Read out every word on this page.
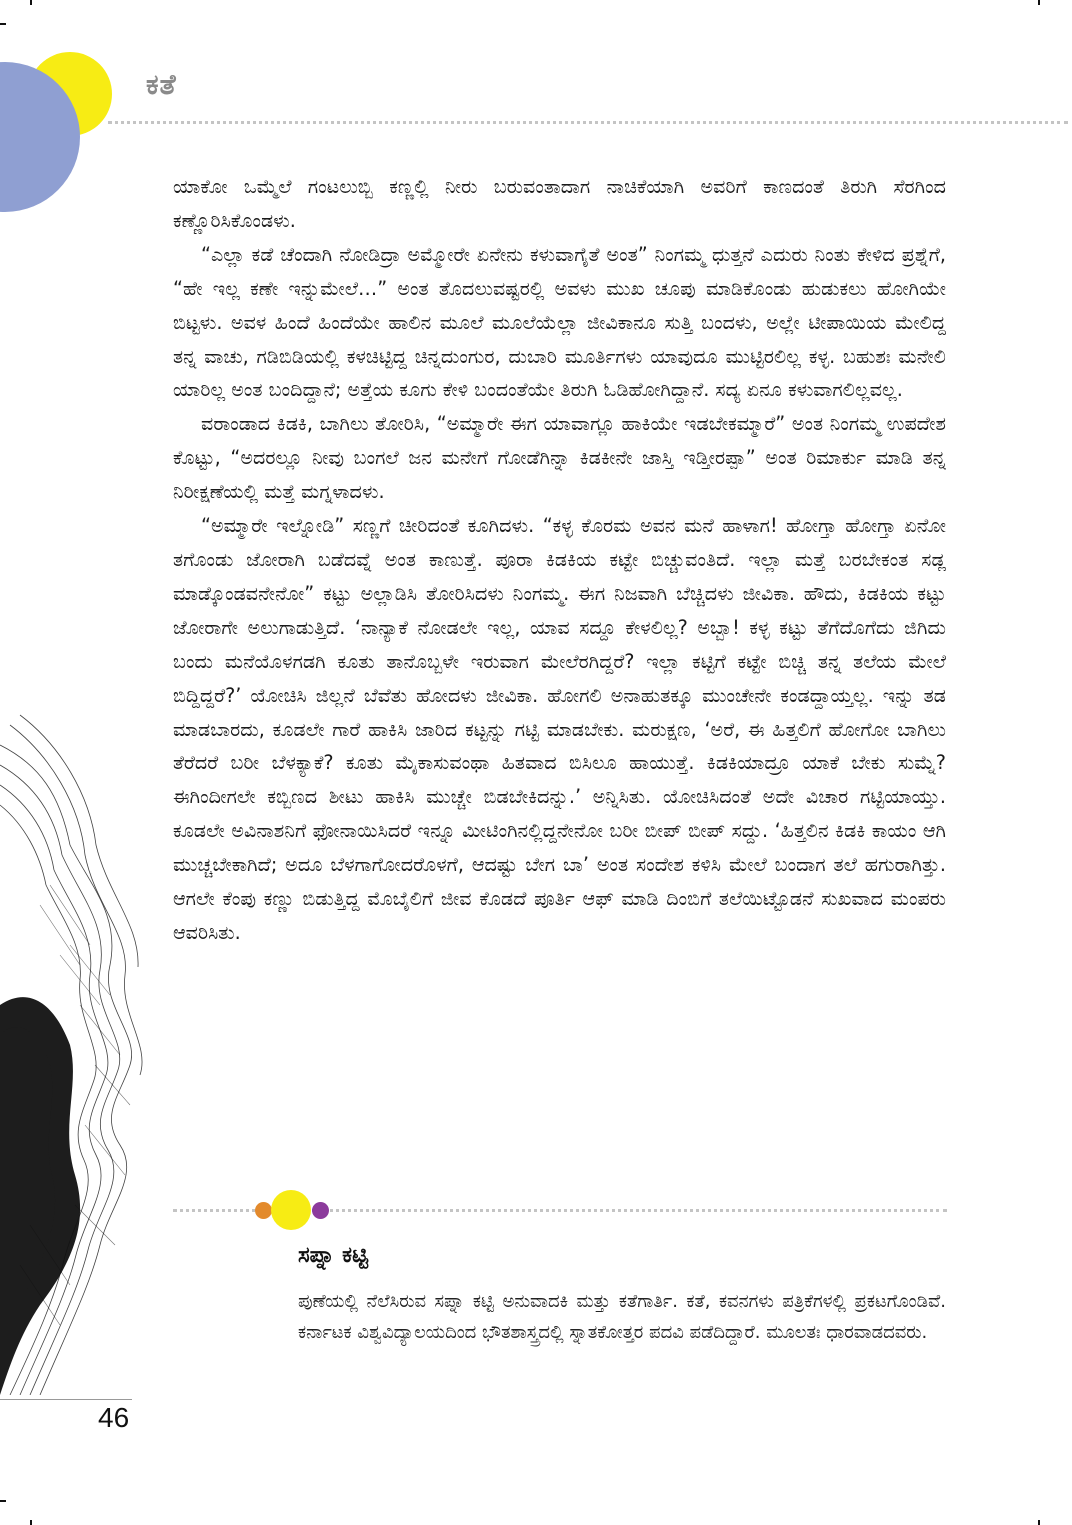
ಕತೆ

ಯಾಕೋ ಒಮ್ಮೆಲೆ ಗಂಟಲುಬ್ಬಿ ಕಣ್ಣಲ್ಲಿ ನೀರು ಬರುವಂತಾದಾಗ ನಾಚಿಕೆಯಾಗಿ ಅವರಿಗೆ ಕಾಣದಂತೆ ತಿರುಗಿ ಸೆರಗಿಂದ ಕಣ್ಣೊರಿಸಿಕೊಂಡಳು.

“ಎಲ್ಲಾ ಕಡೆ ಚೆಂದಾಗಿ ನೋಡಿದ್ರಾ ಅಮ್ಮೋರೇ ಏನೇನು ಕಳುವಾಗೈತೆ ಅಂತ” ನಿಂಗಮ್ಮ ಧುತ್ತನೆ ಎದುರು ನಿಂತು ಕೇಳಿದ ಪ್ರಶ್ನೆಗೆ, “ಹೇ ಇಲ್ಲ ಕಣೇ ಇನ್ನುಮೇಲೆ…” ಅಂತ ತೊದಲುವಷ್ಟರಲ್ಲಿ ಅವಳು ಮುಖ ಚೂಪು ಮಾಡಿಕೊಂಡು ಹುಡುಕಲು ಹೋಗಿಯೇ ಬಿಟ್ಟಳು. ಅವಳ ಹಿಂದೆ ಹಿಂದೆಯೇ ಹಾಲಿನ ಮೂಲೆ ಮೂಲೆಯೆಲ್ಲಾ ಜೀವಿಕಾನೂ ಸುತ್ತಿ ಬಂದಳು, ಅಲ್ಲೇ ಟೀಪಾಯಿಯ ಮೇಲಿದ್ದ ತನ್ನ ವಾಚು, ಗಡಿಬಿಡಿಯಲ್ಲಿ ಕಳಚಿಟ್ಟಿದ್ದ ಚಿನ್ನದುಂಗುರ, ದುಬಾರಿ ಮೂರ್ತಿಗಳು ಯಾವುದೂ ಮುಟ್ಟಿರಲಿಲ್ಲ ಕಳ್ಳ. ಬಹುಶಃ ಮನೇಲಿ ಯಾರಿಲ್ಲ ಅಂತ ಬಂದಿದ್ದಾನೆ; ಅತ್ತೆಯ ಕೂಗು ಕೇಳಿ ಬಂದಂತೆಯೇ ತಿರುಗಿ ಓಡಿಹೋಗಿದ್ದಾನೆ. ಸದ್ಯ ಏನೂ ಕಳುವಾಗಲಿಲ್ಲವಲ್ಲ.

ವರಾಂಡಾದ ಕಿಡಕಿ, ಬಾಗಿಲು ತೋರಿಸಿ, “ಅಮ್ಮಾರೇ ಈಗ ಯಾವಾಗ್ಲೂ ಹಾಕಿಯೇ ಇಡಬೇಕಮ್ಮಾರೆ” ಅಂತ ನಿಂಗಮ್ಮ ಉಪದೇಶ ಕೊಟ್ಟು, “ಅದರಲ್ಲೂ ನೀವು ಬಂಗಲೆ ಜನ ಮನೇಗೆ ಗೋಡೆಗಿನ್ನಾ ಕಿಡಕೀನೇ ಜಾಸ್ತಿ ಇಡ್ತೀರಪ್ಪಾ” ಅಂತ ರಿಮಾರ್ಕು ಮಾಡಿ ತನ್ನ ನಿರೀಕ್ಷಣೆಯಲ್ಲಿ ಮತ್ತೆ ಮಗ್ನಳಾದಳು.

“ಅಮ್ಮಾರೇ ಇಲ್ನೋಡಿ” ಸಣ್ಣಗೆ ಚೀರಿದಂತೆ ಕೂಗಿದಳು. “ಕಳ್ಳ ಕೊರಮ ಅವನ ಮನೆ ಹಾಳಾಗ! ಹೋಗ್ತಾ ಹೋಗ್ತಾ ಏನೋ ತಗೊಂಡು ಜೋರಾಗಿ ಬಡೆದವ್ನೆ ಅಂತ ಕಾಣುತ್ತೆ. ಪೂರಾ ಕಿಡಕಿಯ ಕಟ್ಟೇ ಬಿಚ್ಚುವಂತಿದೆ. ಇಲ್ಲಾ ಮತ್ತೆ ಬರಬೇಕಂತ ಸಡ್ಲ ಮಾಡ್ಕೊಂಡವನೇನೋ” ಕಟ್ಟು ಅಲ್ಲಾಡಿಸಿ ತೋರಿಸಿದಳು ನಿಂಗಮ್ಮ. ಈಗ ನಿಜವಾಗಿ ಬೆಚ್ಚಿದಳು ಜೀವಿಕಾ. ಹೌದು, ಕಿಡಕಿಯ ಕಟ್ಟು ಜೋರಾಗೇ ಅಲುಗಾಡುತ್ತಿದೆ. ‘ನಾನ್ಯಾಕೆ ನೋಡಲೇ ಇಲ್ಲ, ಯಾವ ಸದ್ದೂ ಕೇಳಲಿಲ್ಲ? ಅಬ್ಬಾ! ಕಳ್ಳ ಕಟ್ಟು ತೆಗೆದೊಗೆದು ಜಿಗಿದು ಬಂದು ಮನೆಯೊಳಗಡಗಿ ಕೂತು ತಾನೊಬ್ಬಳೇ ಇರುವಾಗ ಮೇಲೆರಗಿದ್ದರೆ? ಇಲ್ಲಾ ಕಟ್ಟಿಗೆ ಕಟ್ಟೇ ಬಿಚ್ಚಿ ತನ್ನ ತಲೆಯ ಮೇಲೆ ಬಿದ್ದಿದ್ದರೆ?’ ಯೋಚಿಸಿ ಜಿಲ್ಲನೆ ಬೆವೆತು ಹೋದಳು ಜೀವಿಕಾ. ಹೋಗಲಿ ಅನಾಹುತಕ್ಕೂ ಮುಂಚೇನೇ ಕಂಡದ್ದಾಯ್ತಲ್ಲ. ಇನ್ನು ತಡ ಮಾಡಬಾರದು, ಕೂಡಲೇ ಗಾರೆ ಹಾಕಿಸಿ ಜಾರಿದ ಕಟ್ಟನ್ನು ಗಟ್ಟಿ ಮಾಡಬೇಕು. ಮರುಕ್ಷಣ, ‘ಅರೆ, ಈ ಹಿತ್ತಲಿಗೆ ಹೋಗೋ ಬಾಗಿಲು ತೆರೆದರೆ ಬರೀ ಬೆಳಕ್ಯಾಕೆ? ಕೂತು ಮೈಕಾಸುವಂಥಾ ಹಿತವಾದ ಬಿಸಿಲೂ ಹಾಯುತ್ತೆ. ಕಿಡಕಿಯಾದ್ರೂ ಯಾಕೆ ಬೇಕು ಸುಮ್ನೆ? ಈಗಿಂದೀಗಲೇ ಕಬ್ಬಿಣದ ಶೀಟು ಹಾಕಿಸಿ ಮುಚ್ಚೇ ಬಿಡಬೇಕಿದನ್ನು.’ ಅನ್ನಿಸಿತು. ಯೋಚಿಸಿದಂತೆ ಅದೇ ವಿಚಾರ ಗಟ್ಟಿಯಾಯ್ತು. ಕೂಡಲೇ ಅವಿನಾಶನಿಗೆ ಫೋನಾಯಿಸಿದರೆ ಇನ್ನೂ ಮೀಟಿಂಗಿನಲ್ಲಿದ್ದನೇನೋ ಬರೀ ಬೀಪ್ ಬೀಪ್ ಸದ್ದು. ‘ಹಿತ್ತಲಿನ ಕಿಡಕಿ ಕಾಯಂ ಆಗಿ ಮುಚ್ಚಬೇಕಾಗಿದೆ; ಅದೂ ಬೆಳಗಾಗೋದರೊಳಗೆ, ಆದಷ್ಟು ಬೇಗ ಬಾ’ ಅಂತ ಸಂದೇಶ ಕಳಿಸಿ ಮೇಲೆ ಬಂದಾಗ ತಲೆ ಹಗುರಾಗಿತ್ತು. ಆಗಲೇ ಕೆಂಪು ಕಣ್ಣು ಬಿಡುತ್ತಿದ್ದ ಮೊಬೈಲಿಗೆ ಜೀವ ಕೊಡದೆ ಪೂರ್ತಿ ಆಫ್ ಮಾಡಿ ದಿಂಬಿಗೆ ತಲೆಯಿಟ್ಟೊಡನೆ ಸುಖವಾದ ಮಂಪರು ಆವರಿಸಿತು.

ಸಪ್ನಾ ಕಟ್ಟಿ
ಪುಣೆಯಲ್ಲಿ ನೆಲೆಸಿರುವ ಸಪ್ನಾ ಕಟ್ಟಿ ಅನುವಾದಕಿ ಮತ್ತು ಕತೆಗಾರ್ತಿ. ಕತೆ, ಕವನಗಳು ಪತ್ರಿಕೆಗಳಲ್ಲಿ ಪ್ರಕಟಗೊಂಡಿವೆ. ಕರ್ನಾಟಕ ವಿಶ್ವವಿದ್ಯಾಲಯದಿಂದ ಭೌತಶಾಸ್ತ್ರದಲ್ಲಿ ಸ್ನಾತಕೋತ್ತರ ಪದವಿ ಪಡೆದಿದ್ದಾರೆ. ಮೂಲತಃ ಧಾರವಾಡದವರು.
46
